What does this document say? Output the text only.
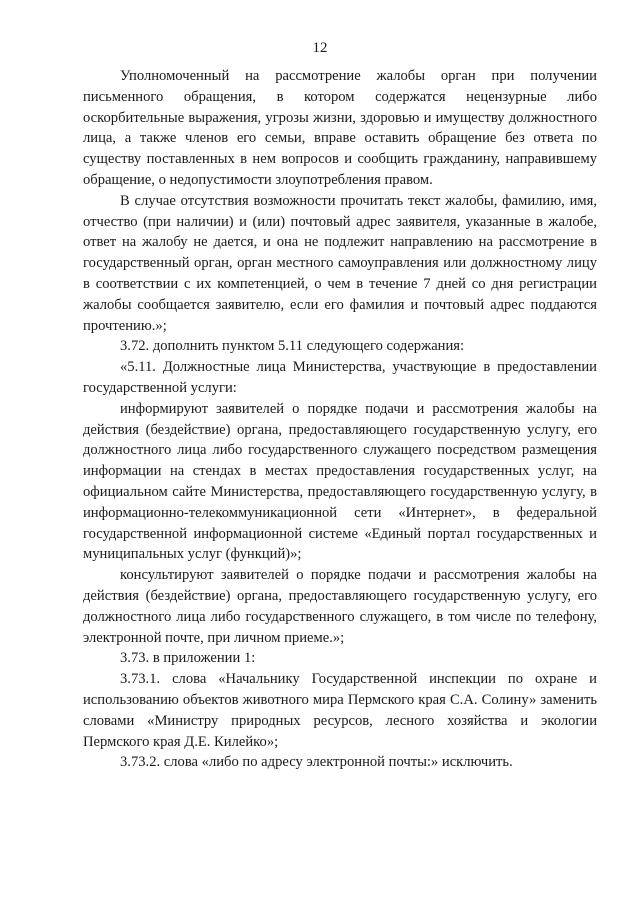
12

Уполномоченный на рассмотрение жалобы орган при получении письменного обращения, в котором содержатся нецензурные либо оскорбительные выражения, угрозы жизни, здоровью и имуществу должностного лица, а также членов его семьи, вправе оставить обращение без ответа по существу поставленных в нем вопросов и сообщить гражданину, направившему обращение, о недопустимости злоупотребления правом.

В случае отсутствия возможности прочитать текст жалобы, фамилию, имя, отчество (при наличии) и (или) почтовый адрес заявителя, указанные в жалобе, ответ на жалобу не дается, и она не подлежит направлению на рассмотрение в государственный орган, орган местного самоуправления или должностному лицу в соответствии с их компетенцией, о чем в течение 7 дней со дня регистрации жалобы сообщается заявителю, если его фамилия и почтовый адрес поддаются прочтению.»;

3.72. дополнить пунктом 5.11 следующего содержания:

«5.11. Должностные лица Министерства, участвующие в предоставлении государственной услуги:

информируют заявителей о порядке подачи и рассмотрения жалобы на действия (бездействие) органа, предоставляющего государственную услугу, его должностного лица либо государственного служащего посредством размещения информации на стендах в местах предоставления государственных услуг, на официальном сайте Министерства, предоставляющего государственную услугу, в информационно-телекоммуникационной сети «Интернет», в федеральной государственной информационной системе «Единый портал государственных и муниципальных услуг (функций)»;

консультируют заявителей о порядке подачи и рассмотрения жалобы на действия (бездействие) органа, предоставляющего государственную услугу, его должностного лица либо государственного служащего, в том числе по телефону, электронной почте, при личном приеме.»;

3.73. в приложении 1:

3.73.1. слова «Начальнику Государственной инспекции по охране и использованию объектов животного мира Пермского края С.А. Солину» заменить словами «Министру природных ресурсов, лесного хозяйства и экологии Пермского края Д.Е. Килейко»;

3.73.2. слова «либо по адресу электронной почты:» исключить.
